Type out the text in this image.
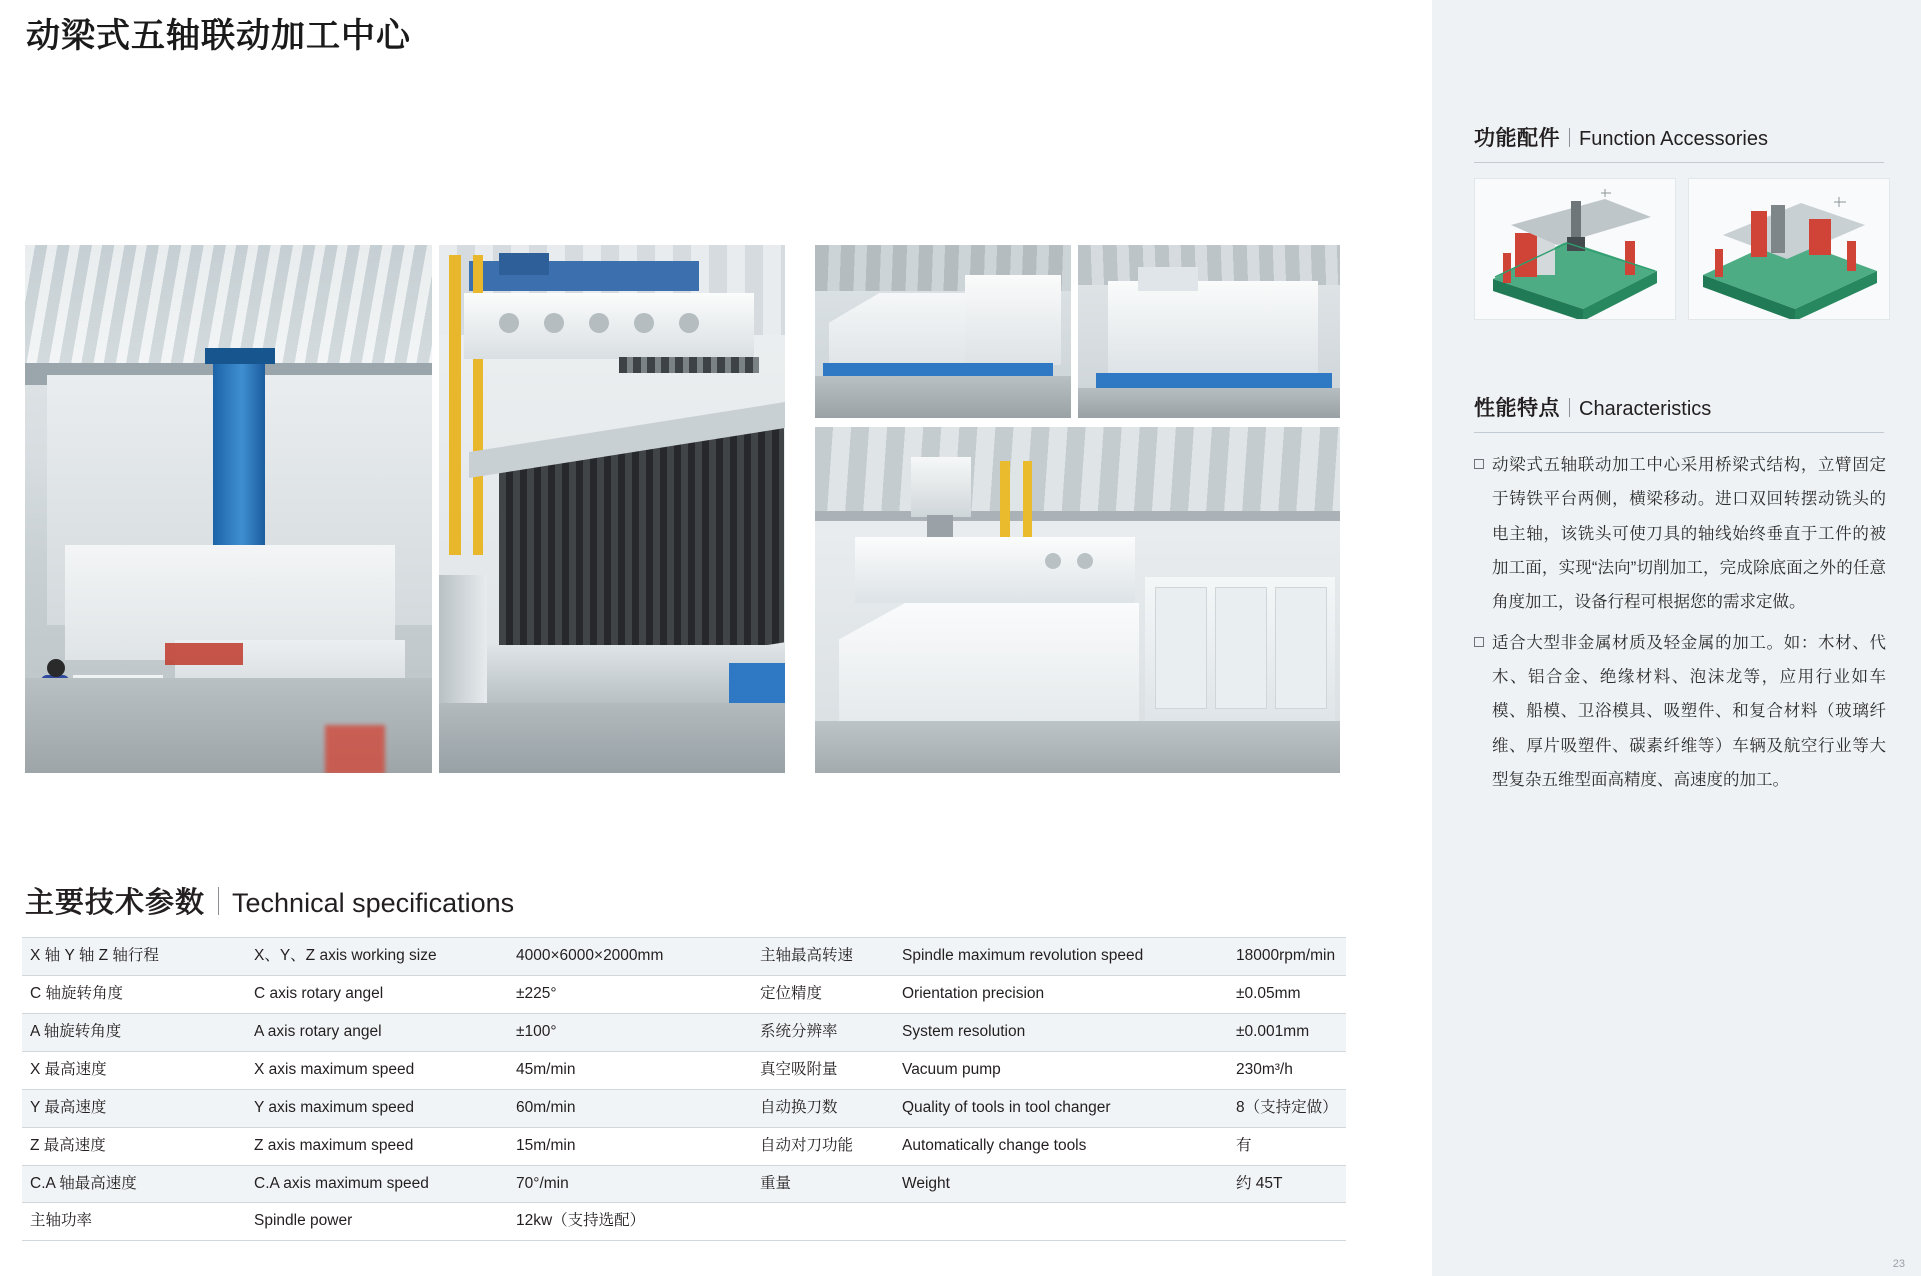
动梁式五轴联动加工中心
主要技术参数 Technical specifications
X 轴 Y 轴 Z 轴行程	X、Y、Z axis working size	4000×6000×2000mm	主轴最高转速	Spindle maximum revolution speed	18000rpm/min
C 轴旋转角度	C axis rotary angel	±225°	定位精度	Orientation precision	±0.05mm
A 轴旋转角度	A axis rotary angel	±100°	系统分辨率	System resolution	±0.001mm
X 最高速度	X axis maximum speed	45m/min	真空吸附量	Vacuum pump	230m³/h
Y 最高速度	Y axis maximum speed	60m/min	自动换刀数	Quality of tools in tool changer	8（支持定做）
Z 最高速度	Z axis maximum speed	15m/min	自动对刀功能	Automatically change tools	有
C.A 轴最高速度	C.A axis maximum speed	70°/min	重量	Weight	约 45T
主轴功率	Spindle power	12kw（支持选配）			
功能配件 Function Accessories
性能特点 Characteristics
动梁式五轴联动加工中心采用桥梁式结构，立臂固定于铸铁平台两侧，横梁移动。进口双回转摆动铣头的电主轴，该铣头可使刀具的轴线始终垂直于工件的被加工面，实现“法向”切削加工，完成除底面之外的任意角度加工，设备行程可根据您的需求定做。
适合大型非金属材质及轻金属的加工。如：木材、代木、铝合金、绝缘材料、泡沫龙等，应用行业如车模、船模、卫浴模具、吸塑件、和复合材料（玻璃纤维、厚片吸塑件、碳素纤维等）车辆及航空行业等大型复杂五维型面高精度、高速度的加工。
23
